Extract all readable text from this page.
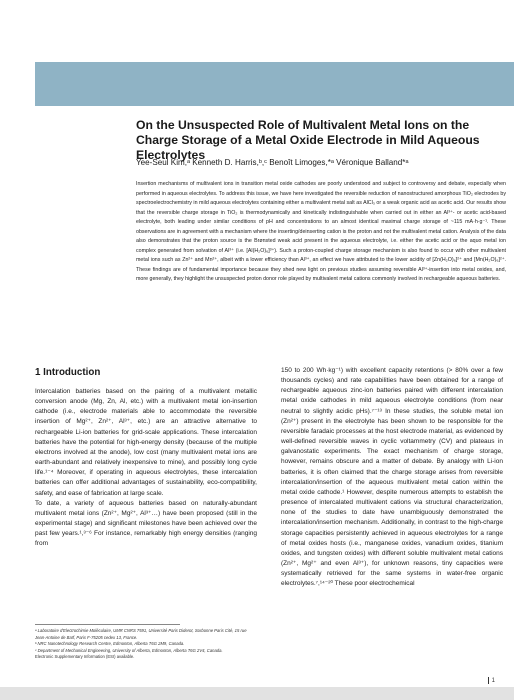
On the Unsuspected Role of Multivalent Metal Ions on the Charge Storage of a Metal Oxide Electrode in Mild Aqueous Electrolytes

Yee-Seul Kim,ᵃ Kenneth D. Harris,ᵇ,ᶜ Benoît Limoges,*ᵃ Véronique Balland*ᵃ

Insertion mechanisms of multivalent ions in transition metal oxide cathodes are poorly understood and subject to controversy and debate, especially when performed in aqueous electrolytes. To address this issue, we have here investigated the reversible reduction of nanostructured amorphous TiO₂ electrodes by spectroelectrochemistry in mild aqueous electrolytes containing either a multivalent metal salt as AlCl₃ or a weak organic acid as acetic acid. Our results show that the reversible charge storage in TiO₂ is thermodynamically and kinetically indistinguishable when carried out in either an Al³⁺- or acetic acid-based electrolyte, both leading under similar conditions of pH and concentrations to an almost identical maximal charge storage of ~115 mA·h·g⁻¹. These observations are in agreement with a mechanism where the inserting/deinserting cation is the proton and not the multivalent metal cation. Analysis of the data also demonstrates that the proton source is the Brønsted weak acid present in the aqueous electrolyte, i.e. either the acetic acid or the aquo metal ion complex generated from solvation of Al³⁺ (i.e. [Al(H₂O)₆]³⁺). Such a proton-coupled charge storage mechanism is also found to occur with other multivalent metal ions such as Zn²⁺ and Mn²⁺, albeit with a lower efficiency than Al³⁺, an effect we have attributed to the lower acidity of [Zn(H₂O)₆]²⁺ and [Mn(H₂O)₆]²⁺. These findings are of fundamental importance because they shed new light on previous studies assuming reversible Al³⁺-insertion into metal oxides, and, more generally, they highlight the unsuspected proton donor role played by multivalent metal cations commonly involved in rechargeable aqueous batteries.

1 Introduction

Intercalation batteries based on the pairing of a multivalent metallic conversion anode (Mg, Zn, Al, etc.) with a multivalent metal ion-insertion cathode (i.e., electrode materials able to accommodate the reversible insertion of Mg²⁺, Zn²⁺, Al³⁺, etc.) are an attractive alternative to rechargeable Li-ion batteries for grid-scale applications. These intercalation batteries have the potential for high-energy density (because of the multiple electrons involved at the anode), low cost (many multivalent metal ions are earth-abundant and relatively inexpensive to mine), and possibly long cycle life.¹⁻⁴ Moreover, if operating in aqueous electrolytes, these intercalation batteries can offer additional advantages of sustainability, eco-compatibility, safety, and ease of fabrication at large scale.

To date, a variety of aqueous batteries based on naturally-abundant multivalent metal ions (Zn²⁺, Mg²⁺, Al³⁺…) have been proposed (still in the experimental stage) and significant milestones have been achieved over the past few years.¹,³⁻⁶ For instance, remarkably high energy densities (ranging from

150 to 200 Wh·kg⁻¹) with excellent capacity retentions (> 80% over a few thousands cycles) and rate capabilities have been obtained for a range of rechargeable aqueous zinc-ion batteries paired with different intercalation metal oxide cathodes in mild aqueous electrolyte conditions (from near neutral to slightly acidic pHs).⁷⁻¹³ In these studies, the soluble metal ion (Zn²⁺) present in the electrolyte has been shown to be responsible for the reversible faradaic processes at the host electrode material, as evidenced by well-defined reversible waves in cyclic voltammetry (CV) and plateaus in galvanostatic experiments. The exact mechanism of charge storage, however, remains obscure and a matter of debate. By analogy with Li-ion batteries, it is often claimed that the charge storage arises from reversible intercalation/insertion of the aqueous multivalent metal cation within the metal oxide cathode.¹ However, despite numerous attempts to establish the presence of intercalated multivalent cations via structural characterization, none of the studies to date have unambiguously demonstrated the intercalation/insertion mechanism. Additionally, in contrast to the high-charge storage capacities persistently achieved in aqueous electrolytes for a range of metal oxides hosts (i.e., manganese oxides, vanadium oxides, titanium oxides, and tungsten oxides) with different soluble multivalent metal cations (Zn²⁺, Mg²⁺ and even Al³⁺), for unknown reasons, tiny capacities were systematically retrieved for the same systems in water-free organic electrolytes.⁷,¹⁴⁻²⁰ These poor electrochemical

ᵃ Laboratoire d'Electrochimie Moléculaire, UMR CNRS 7591, Université Paris Diderot, Sorbonne Paris Cité, 15 rue Jean-Antoine de Baïf, Paris F-75205 cedex 13, France.

ᵇ NRC Nanotechnology Research Centre, Edmonton, Alberta T6G 2M9, Canada.

ᶜ Department of Mechanical Engineering, University of Alberta, Edmonton, Alberta T6G 2V4, Canada.

Electronic Supplementary Information (ESI) available.

1
